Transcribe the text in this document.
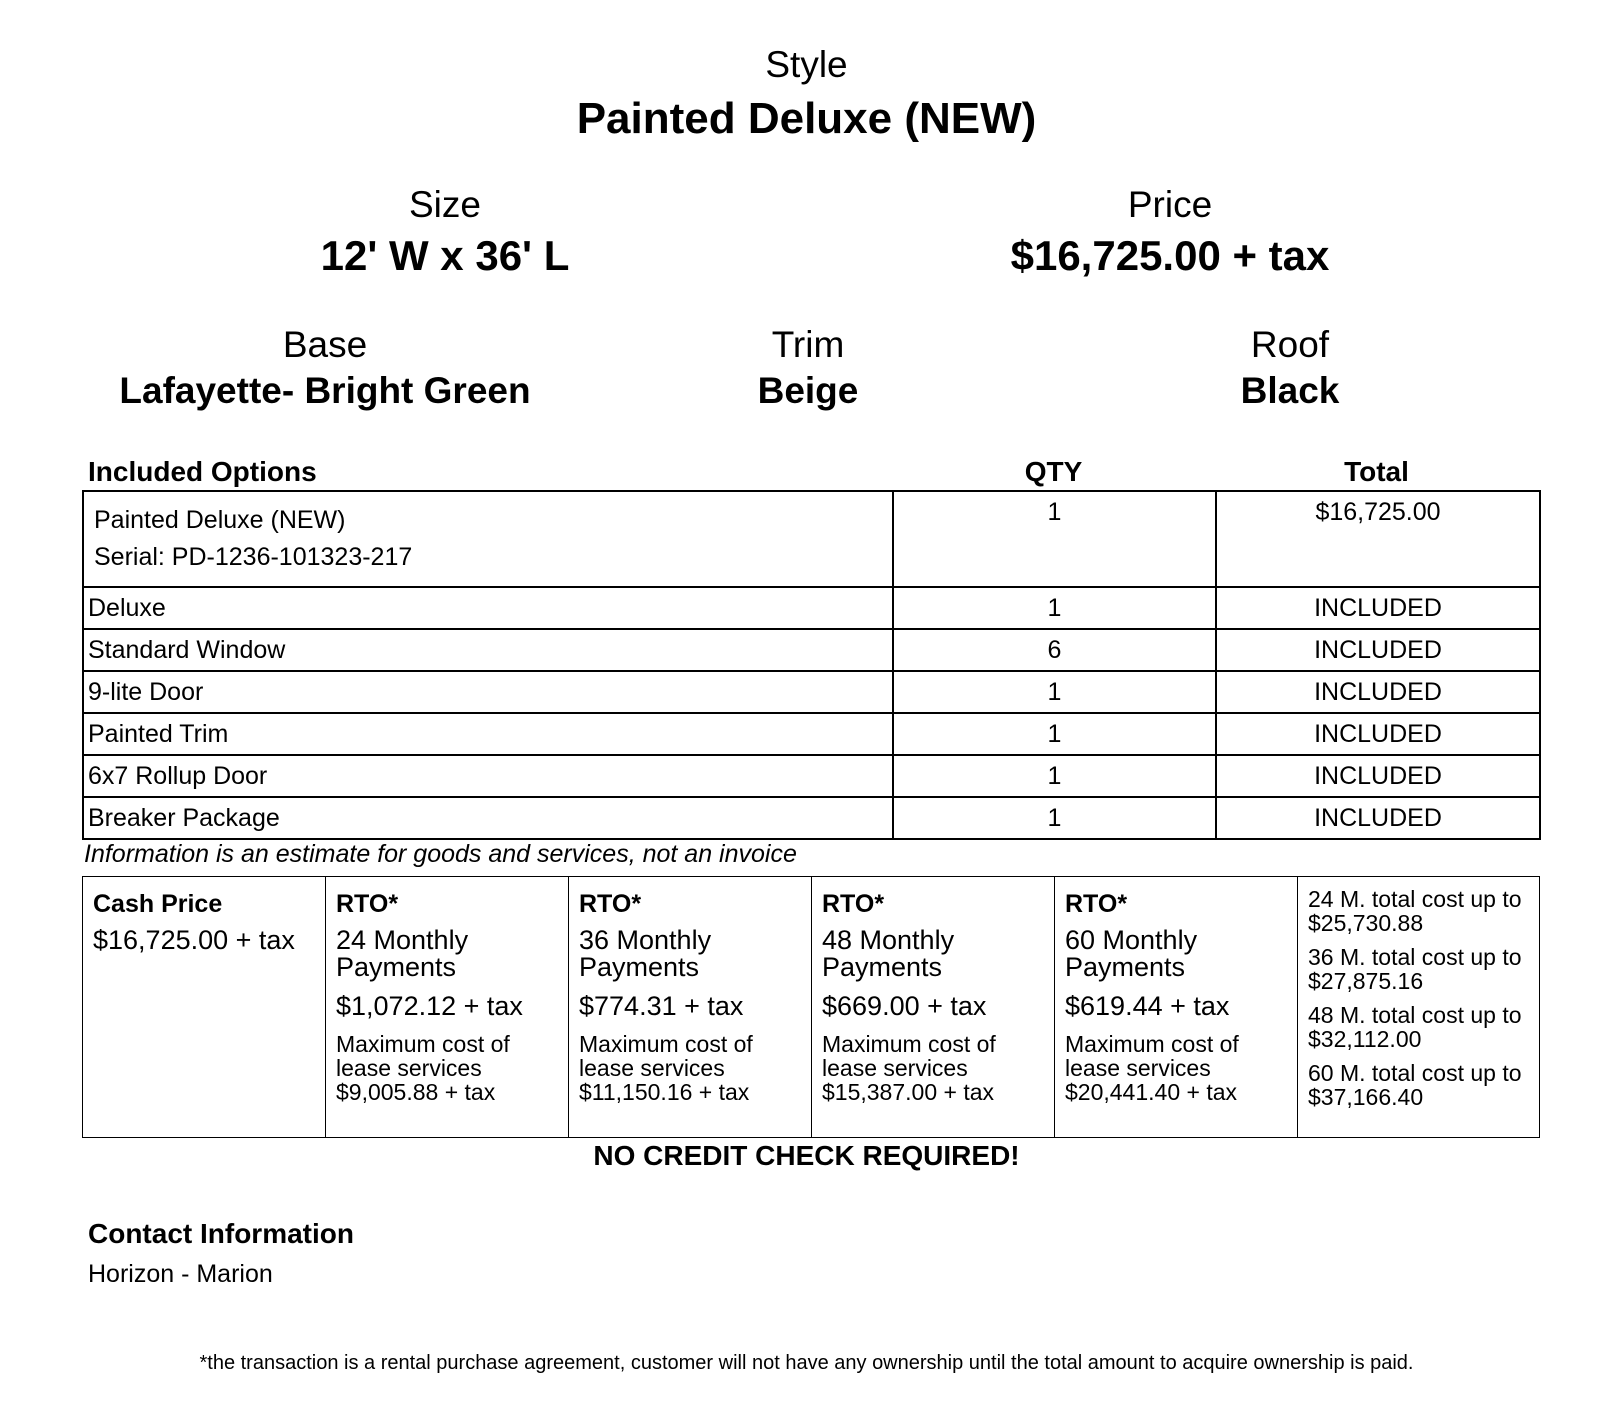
Style
Painted Deluxe (NEW)
Size
12' W x 36' L
Price
$16,725.00 + tax
Base
Lafayette- Bright Green
Trim
Beige
Roof
Black
Included Options	QTY	Total
Painted Deluxe (NEW)
Serial: PD-1236-101323-217	1	$16,725.00
Deluxe	1	INCLUDED
Standard Window	6	INCLUDED
9-lite Door	1	INCLUDED
Painted Trim	1	INCLUDED
6x7 Rollup Door	1	INCLUDED
Breaker Package	1	INCLUDED
Information is an estimate for goods and services, not an invoice
Cash Price
$16,725.00 + tax

RTO*
24 Monthly Payments
$1,072.12 + tax
Maximum cost of lease services
$9,005.88 + tax

RTO*
36 Monthly Payments
$774.31 + tax
Maximum cost of lease services
$11,150.16 + tax

RTO*
48 Monthly Payments
$669.00 + tax
Maximum cost of lease services
$15,387.00 + tax

RTO*
60 Monthly Payments
$619.44 + tax
Maximum cost of lease services
$20,441.40 + tax

24 M. total cost up to $25,730.88
36 M. total cost up to $27,875.16
48 M. total cost up to $32,112.00
60 M. total cost up to $37,166.40
NO CREDIT CHECK REQUIRED!
Contact Information
Horizon - Marion
*the transaction is a rental purchase agreement, customer will not have any ownership until the total amount to acquire ownership is paid.
